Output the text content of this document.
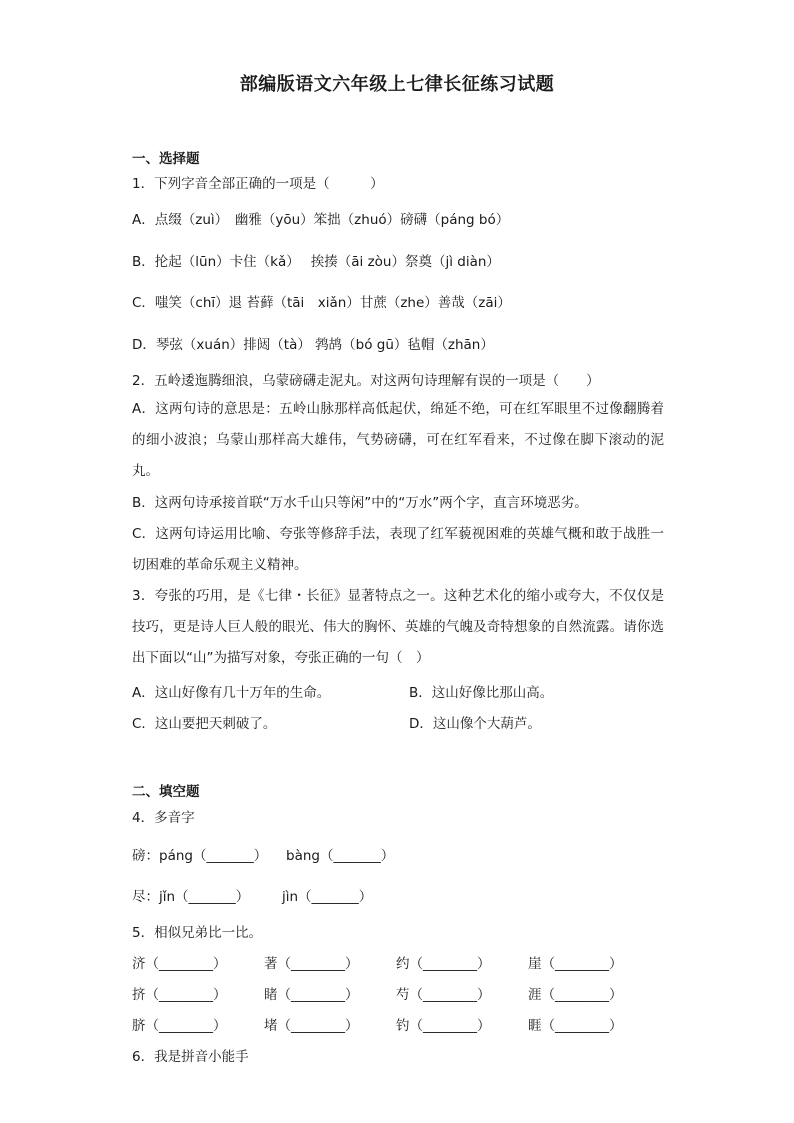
部编版语文六年级上七律长征练习试题
一、选择题
1．下列字音全部正确的一项是（　　　）
A．点缀（zuì）　幽雅（yōu）笨拙（zhuó）磅礴（páng bó）
B．抡起（lūn）卡住（kǎ）　 挨揍（āi zòu）祭奠（jì diàn）
C．嗤笑（chī）退 苔藓（tāi　xiǎn）甘蔗（zhe）善哉（zāi）
D．琴弦（xuán）排闼（tà） 鹁鸪（bó gū）毡帽（zhān）
2．五岭逶迤腾细浪，乌蒙磅礴走泥丸。对这两句诗理解有误的一项是（　　）
A．这两句诗的意思是：五岭山脉那样高低起伏，绵延不绝，可在红军眼里不过像翻腾着的细小波浪；乌蒙山那样高大雄伟，气势磅礴，可在红军看来，不过像在脚下滚动的泥丸。
B．这两句诗承接首联“万水千山只等闲”中的“万水”两个字，直言环境恶劣。
C．这两句诗运用比喻、夸张等修辞手法，表现了红军藐视困难的英雄气概和敢于战胜一切困难的革命乐观主义精神。
3．夸张的巧用，是《七律・长征》显著特点之一。这种艺术化的缩小或夸大，不仅仅是技巧，更是诗人巨人般的眼光、伟大的胸怀、英雄的气魄及奇特想象的自然流露。请你选出下面以“山”为描写对象，夸张正确的一句（　）
A．这山好像有几十万年的生命。	B．这山好像比那山高。
C．这山要把天刺破了。	D．这山像个大葫芦。
二、填空题
4．多音字
磅：páng（_______） bàng（_______）
尽：jǐn（_______） jìn（_______）
5．相似兄弟比一比。
济（________）	著（________）	约（________）	崖（________）
挤（________）	睹（________）	芍（________）	涯（________）
脐（________）	堵（________）	钓（________）	睚（________）
6．我是拼音小能手
